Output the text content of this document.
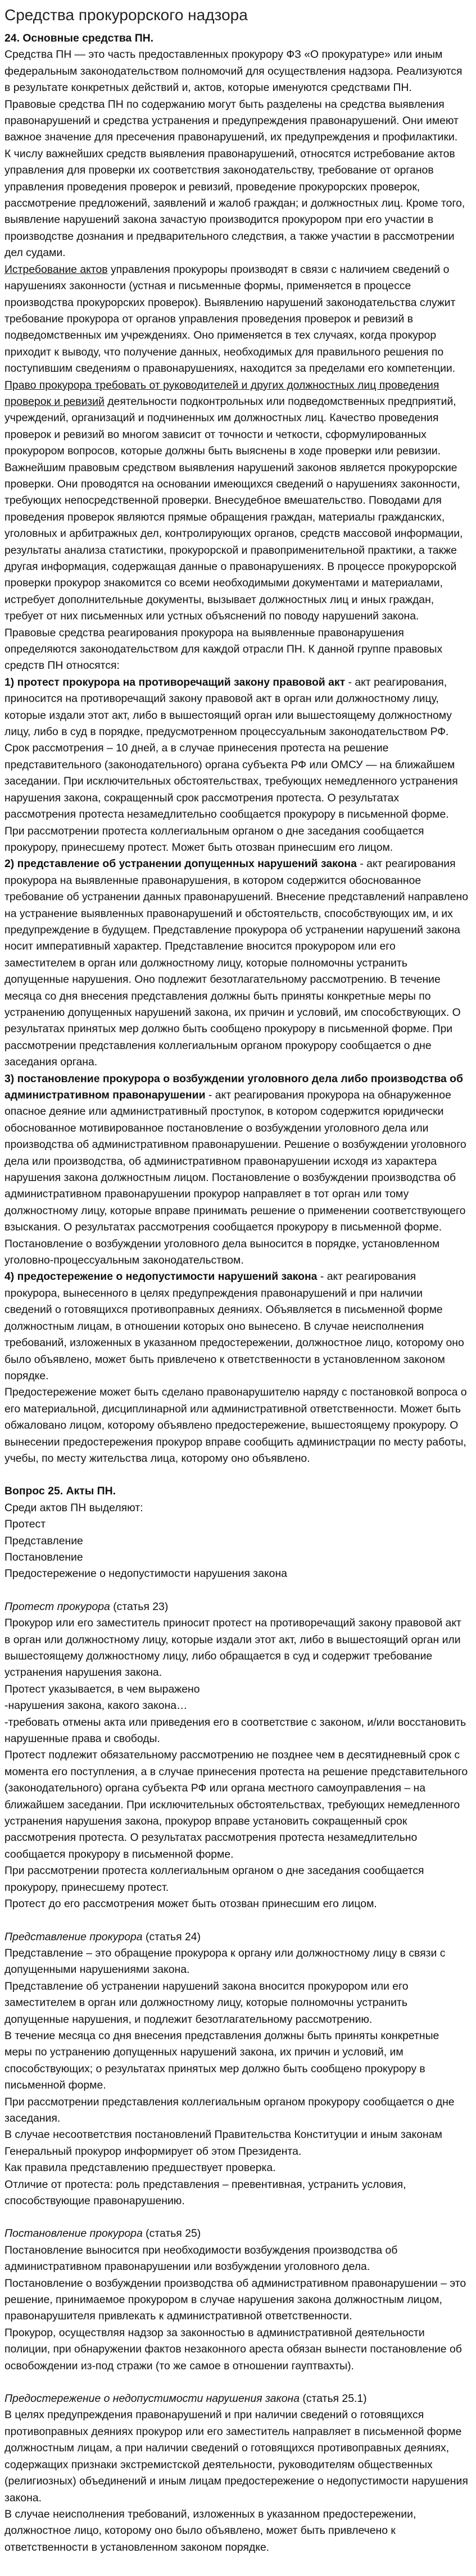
Средства прокурорского надзора

24. Основные средства ПН.

Средства ПН — это часть предоставленных прокурору ФЗ «О прокуратуре» или иным федеральным законодательством полномочий для осуществления надзора. Реализуются в результате конкретных действий и, актов, которые именуются средствами ПН.

Правовые средства ПН по содержанию могут быть разделены на средства выявления правонарушений и средства устранения и предупреждения правонарушений. Они имеют важное значение для пресечения правонарушений, их предупреждения и профилактики.

К числу важнейших средств выявления правонарушений, относятся истребование актов управления для проверки их соответствия законодательству, требование от органов управления проведения проверок и ревизий, проведение прокурорских проверок, рассмотрение предложений, заявлений и жалоб граждан; и должностных лиц. Кроме того, выявление нарушений закона зачастую производится прокурором при его участии в производстве дознания и предварительного следствия, а также участии в рассмотрении дел судами.

Истребование актов управления прокуроры производят в связи с наличием сведений о нарушениях законности (устная и письменные формы, применяется в процессе производства прокурорских проверок). Выявлению нарушений законодательства служит требование прокурора от органов управления проведения проверок и ревизий в подведомственных им учреждениях. Оно применяется в тех случаях, когда прокурор приходит к выводу, что получение данных, необходимых для правильного решения по поступившим сведениям о правонарушениях, находится за пределами его компетенции.

Право прокурора требовать от руководителей и других должностных лиц проведения проверок и ревизий деятельности подконтрольных или подведомственных предприятий, учреждений, организаций и подчиненных им должностных лиц. Качество проведения проверок и ревизий во многом зависит от точности и четкости, сформулированных прокурором вопросов, которые должны быть выяснены в ходе проверки или ревизии.

Важнейшим правовым средством выявления нарушений законов является прокурорские проверки. Они проводятся на основании имеющихся сведений о нарушениях законности, требующих непосредственной проверки. Внесудебное вмешательство. Поводами для проведения проверок являются прямые обращения граждан, материалы гражданских, уголовных и арбитражных дел, контролирующих органов, средств массовой информации, результаты анализа статистики, прокурорской и правоприменительной практики, а также другая информация, содержащая данные о правонарушениях. В процессе прокурорской проверки прокурор знакомится со всеми необходимыми документами и материалами, истребует дополнительные документы, вызывает должностных лиц и иных граждан, требует от них письменных или устных объяснений по поводу нарушений закона.

Правовые средства реагирования прокурора на выявленные правонарушения определяются законодательством для каждой отрасли ПН. К данной группе правовых средств ПН относятся:

1) протест прокурора на противоречащий закону правовой акт - акт реагирования, приносится на противоречащий закону правовой акт в орган или должностному лицу, которые издали этот акт, либо в вышестоящий орган или вышестоящему должностному лицу, либо в суд в порядке, предусмотренном процессуальным законодательством РФ. Срок рассмотрения – 10 дней, а в случае принесения протеста на решение представительного (законодательного) органа субъекта РФ или ОМСУ — на ближайшем заседании. При исключительных обстоятельствах, требующих немедленного устранения нарушения закона, сокращенный срок рассмотрения протеста. О результатах рассмотрения протеста незамедлительно сообщается прокурору в письменной форме. При рассмотрении протеста коллегиальным органом о дне заседания сообщается прокурору, принесшему протест. Может быть отозван принесшим его лицом.

2) представление об устранении допущенных нарушений закона - акт реагирования прокурора на выявленные правонарушения, в котором содержится обоснованное требование об устранении данных правонарушений. Внесение представлений направлено на устранение выявленных правонарушений и обстоятельств, способствующих им, и их предупреждение в будущем. Представление прокурора об устранении нарушений закона носит императивный характер. Представление вносится прокурором или его заместителем в орган или должностному лицу, которые полномочны устранить допущенные нарушения. Оно подлежит безотлагательному рассмотрению. В течение месяца со дня внесения представления должны быть приняты конкретные меры по устранению допущенных нарушений закона, их причин и условий, им способствующих. О результатах принятых мер должно быть сообщено прокурору в письменной форме. При рассмотрении представления коллегиальным органом прокурору сообщается о дне заседания органа.

3) постановление прокурора о возбуждении уголовного дела либо производства об административном правонарушении - акт реагирования прокурора на обнаруженное опасное деяние или административный проступок, в котором содержится юридически обоснованное мотивированное постановление о возбуждении уголовного дела или производства об административном правонарушении. Решение о возбуждении уголовного дела или производства, об административном правонарушении исходя из характера нарушения закона должностным лицом. Постановление о возбуждении производства об административном правонарушении прокурор направляет в тот орган или тому должностному лицу, которые вправе принимать решение о применении соответствующего взыскания. О результатах рассмотрения сообщается прокурору в письменной форме. Постановление о возбуждении уголовного дела выносится в порядке, установленном уголовно-процессуальным законодательством.

4) предостережение о недопустимости нарушений закона - акт реагирования прокурора, вынесенного в целях предупреждения правонарушений и при наличии сведений о готовящихся противоправных деяниях. Объявляется в письменной форме должностным лицам, в отношении которых оно вынесено. В случае неисполнения требований, изложенных в указанном предостережении, должностное лицо, которому оно было объявлено, может быть привлечено к ответственности в установленном законом порядке.

Предостережение может быть сделано правонарушителю наряду с постановкой вопроса о его материальной, дисциплинарной или административной ответственности. Может быть обжаловано лицом, которому объявлено предостережение, вышестоящему прокурору. О вынесении предостережения прокурор вправе сообщить администрации по месту работы, учебы, по месту жительства лица, которому оно объявлено.

Вопрос 25. Акты ПН.

Среди актов ПН выделяют:

Протест

Представление

Постановление

Предостережение о недопустимости нарушения закона

Протест прокурора (статья 23)

Прокурор или его заместитель приносит протест на противоречащий закону правовой акт в орган или должностному лицу, которые издали этот акт, либо в вышестоящий орган или вышестоящему должностному лицу, либо обращается в суд и содержит требование устранения нарушения закона.

Протест указывается, в чем выражено

-нарушения закона, какого закона…

-требовать отмены акта или приведения его в соответствие с законом, и/или восстановить нарушенные права и свободы.

Протест подлежит обязательному рассмотрению не позднее чем в десятидневный срок с момента его поступления, а в случае принесения протеста на решение представительного (законодательного) органа субъекта РФ или органа местного самоуправления – на ближайшем заседании. При исключительных обстоятельствах, требующих немедленного устранения нарушения закона, прокурор вправе установить сокращенный срок рассмотрения протеста. О результатах рассмотрения протеста незамедлительно сообщается прокурору в письменной форме.

При рассмотрении протеста коллегиальным органом о дне заседания сообщается прокурору, принесшему протест.

Протест до его рассмотрения может быть отозван принесшим его лицом.

Представление прокурора (статья 24)

Представление – это обращение прокурора к органу или должностному лицу в связи с допущенными нарушениями закона.

Представление об устранении нарушений закона вносится прокурором или его заместителем в орган или должностному лицу, которые полномочны устранить допущенные нарушения, и подлежит безотлагательному рассмотрению.

В течение месяца со дня внесения представления должны быть приняты конкретные меры по устранению допущенных нарушений закона, их причин и условий, им способствующих; о результатах принятых мер должно быть сообщено прокурору в письменной форме.

При рассмотрении представления коллегиальным органом прокурору сообщается о дне заседания.

В случае несоответствия постановлений Правительства Конституции и иным законам Генеральный прокурор информирует об этом Президента.

Как правила представлению предшествует проверка.

Отличие от протеста: роль представления – превентивная, устранить условия, способствующие правонарушению.

Постановление прокурора (статья 25)

Постановление выносится при необходимости возбуждения производства об административном правонарушении или возбуждении уголовного дела.

Постановление о возбуждении производства об административном правонарушении – это решение, принимаемое прокурором в случае нарушения закона должностным лицом, правонарушителя привлекать к административной ответственности.

Прокурор, осуществляя надзор за законностью в административной деятельности полиции, при обнаружении фактов незаконного ареста обязан вынести постановление об освобождении из-под стражи (то же самое в отношении гауптвахты).

Предостережение о недопустимости нарушения закона (статья 25.1)

В целях предупреждения правонарушений и при наличии сведений о готовящихся противоправных деяниях прокурор или его заместитель направляет в письменной форме должностным лицам, а при наличии сведений о готовящихся противоправных деяниях, содержащих признаки экстремистской деятельности, руководителям общественных (религиозных) объединений и иным лицам предостережение о недопустимости нарушения закона.

В случае неисполнения требований, изложенных в указанном предостережении, должностное лицо, которому оно было объявлено, может быть привлечено к ответственности в установленном законом порядке.
